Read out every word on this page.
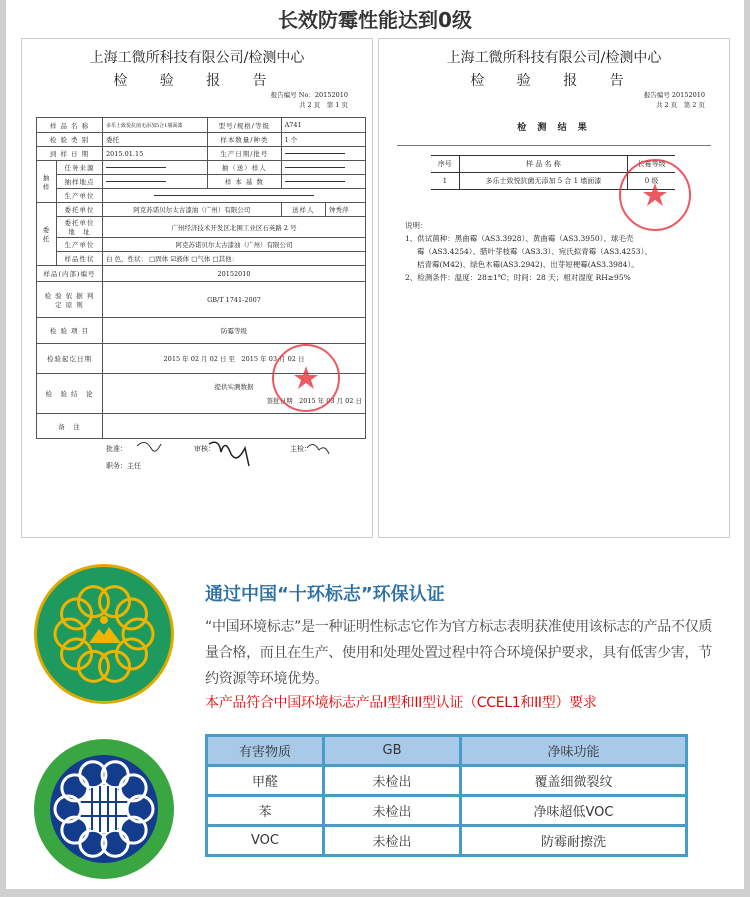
长效防霉性能达到0级
上海工微所科技有限公司/检测中心
检 验 报 告
报告编号 No：20152010
共 2 页　第 1 页
样 品 名 称		多乐士致悦抗菌无添加5合1墙面漆	型号/规格/等级	A741	
检 验 类 别		委托	样本数量/种类	1 个	
到 样 日 期		2015.01.15	生产日期/批号		
抽 样	任务来源		抽（送）样人		
	抽样地点		样 本 基 数		
	生产单位				
委 托	委托单位	阿克苏诺贝尔太古漆油（广州）有限公司		送样人	钟秀萍
	委托单位 地　址	广州经济技术开发区北围工业区石英路 2 号			
	生产单位	阿克苏诺贝尔太古漆油（广州）有限公司			
	样品性状	白 色，性状： □固体 ☑液体 □气体 □其他：			
样品(内部)编号		20152010			
检 验 依 据 判 定 原 则		GB/T 1741-2007			
检 验 项 目		防霉等级			
检验起讫日期		2015 年 02 月 02 日 至　2015 年 03 月 02 日			
检　验 结　论		提供实测数据
签批日期　2015 年 03 月 02 日			

备　注					
批准：
职务：主任
审核：	主检：
上海工微所科技有限公司/检测中心
检 验 报 告
报告编号 20152010
共 2 页　第 2 页
检 测 结 果
序号	样 品 名 称	长霉等级
1	多乐士致悦抗菌无添加 5 合 1 墙面漆	0 级
说明：
1、供试菌种：黑曲霉（AS3.3928）、黄曲霉（AS3.3950）、球毛壳
霉（AS3.4254）、腊叶芽枝霉（AS3.3）、宛氏拟青霉（AS3.4253）、
桔青霉(M42)、绿色木霉(AS3.2942)、出芽短梗霉(AS3.3984）。
2、检测条件：温度：28±1℃；时间：28 天；相对湿度 RH≥95%
通过中国“十环标志”环保认证
“中国环境标志”是一种证明性标志它作为官方标志表明获准使用该标志的产品不仅质量合格，而且在生产、使用和处理处置过程中符合环境保护要求，具有低害少害，节约资源等环境优势。
本产品符合中国环境标志产品I型和II型认证（CCEL1和II型）要求
有害物质	GB	净味功能
甲醛	未检出	覆盖细微裂纹
苯	未检出	净味超低VOC
VOC	未检出	防霉耐擦洗
